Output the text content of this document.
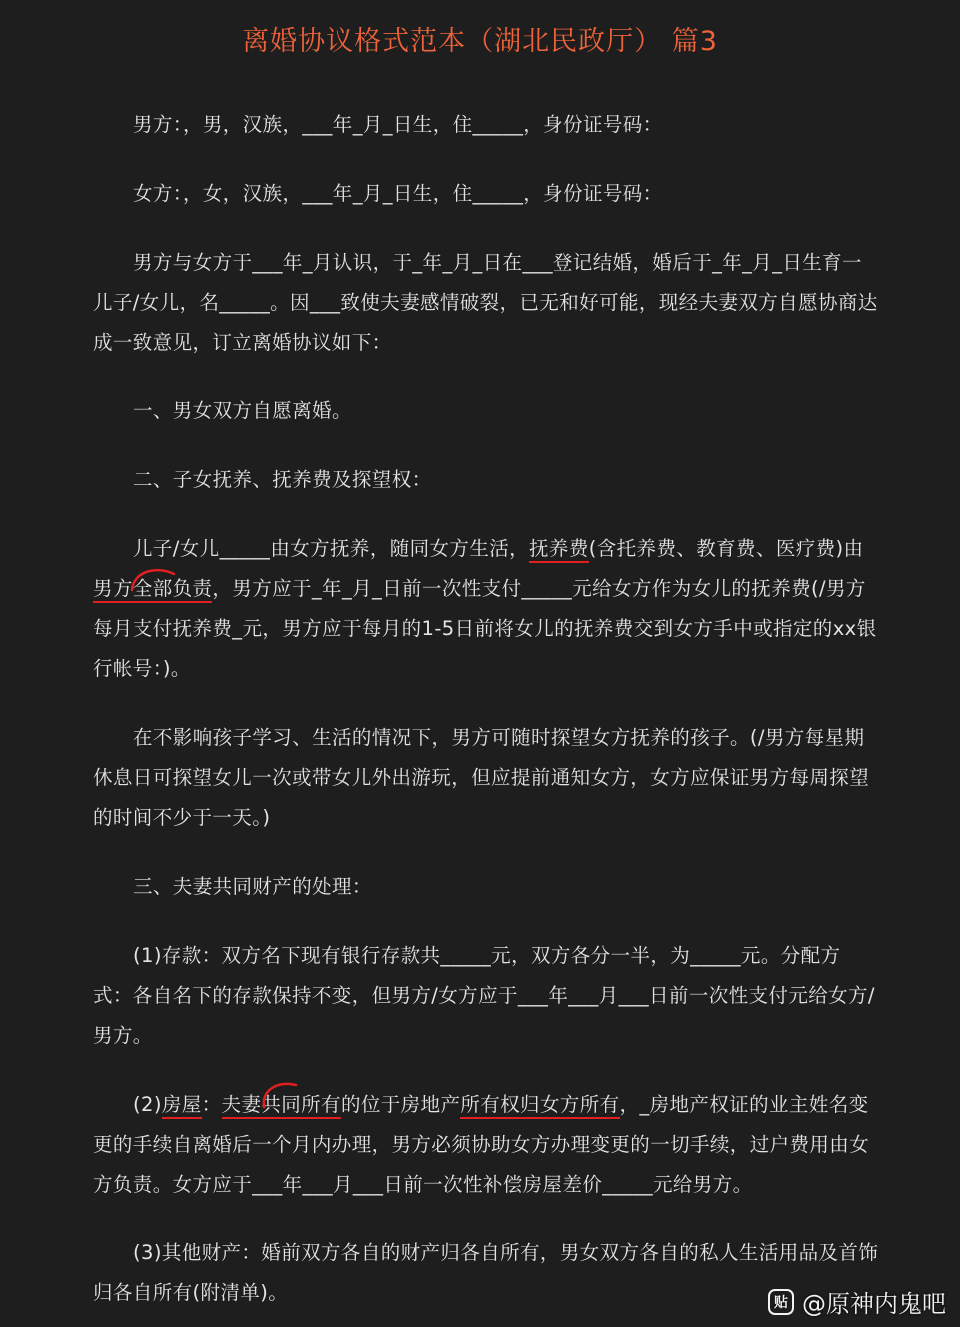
离婚协议格式范本（湖北民政厅） 篇3
男方：，男，汉族，___年_月_日生，住_____，身份证号码：
女方：，女，汉族，___年_月_日生，住_____，身份证号码：
男方与女方于___年_月认识，于_年_月_日在___登记结婚，婚后于_年_月_日生育一儿子/女儿，名_____。因___致使夫妻感情破裂，已无和好可能，现经夫妻双方自愿协商达成一致意见，订立离婚协议如下：
一、男女双方自愿离婚。
二、子女抚养、抚养费及探望权：
儿子/女儿_____由女方抚养，随同女方生活，抚养费(含托养费、教育费、医疗费)由男方全部负责，男方应于_年_月_日前一次性支付_____元给女方作为女儿的抚养费(/男方每月支付抚养费_元，男方应于每月的1-5日前将女儿的抚养费交到女方手中或指定的xx银行帐号：)。
在不影响孩子学习、生活的情况下，男方可随时探望女方抚养的孩子。(/男方每星期休息日可探望女儿一次或带女儿外出游玩，但应提前通知女方，女方应保证男方每周探望的时间不少于一天。)
三、夫妻共同财产的处理：
(1)存款：双方名下现有银行存款共_____元，双方各分一半，为_____元。分配方式：各自名下的存款保持不变，但男方/女方应于___年___月___日前一次性支付元给女方/男方。
(2)房屋：夫妻共同所有的位于房地产所有权归女方所有，_房地产权证的业主姓名变更的手续自离婚后一个月内办理，男方必须协助女方办理变更的一切手续，过户费用由女方负责。女方应于___年___月___日前一次性补偿房屋差价_____元给男方。
(3)其他财产：婚前双方各自的财产归各自所有，男女双方各自的私人生活用品及首饰归各自所有(附清单)。	贴 @原神内鬼吧
